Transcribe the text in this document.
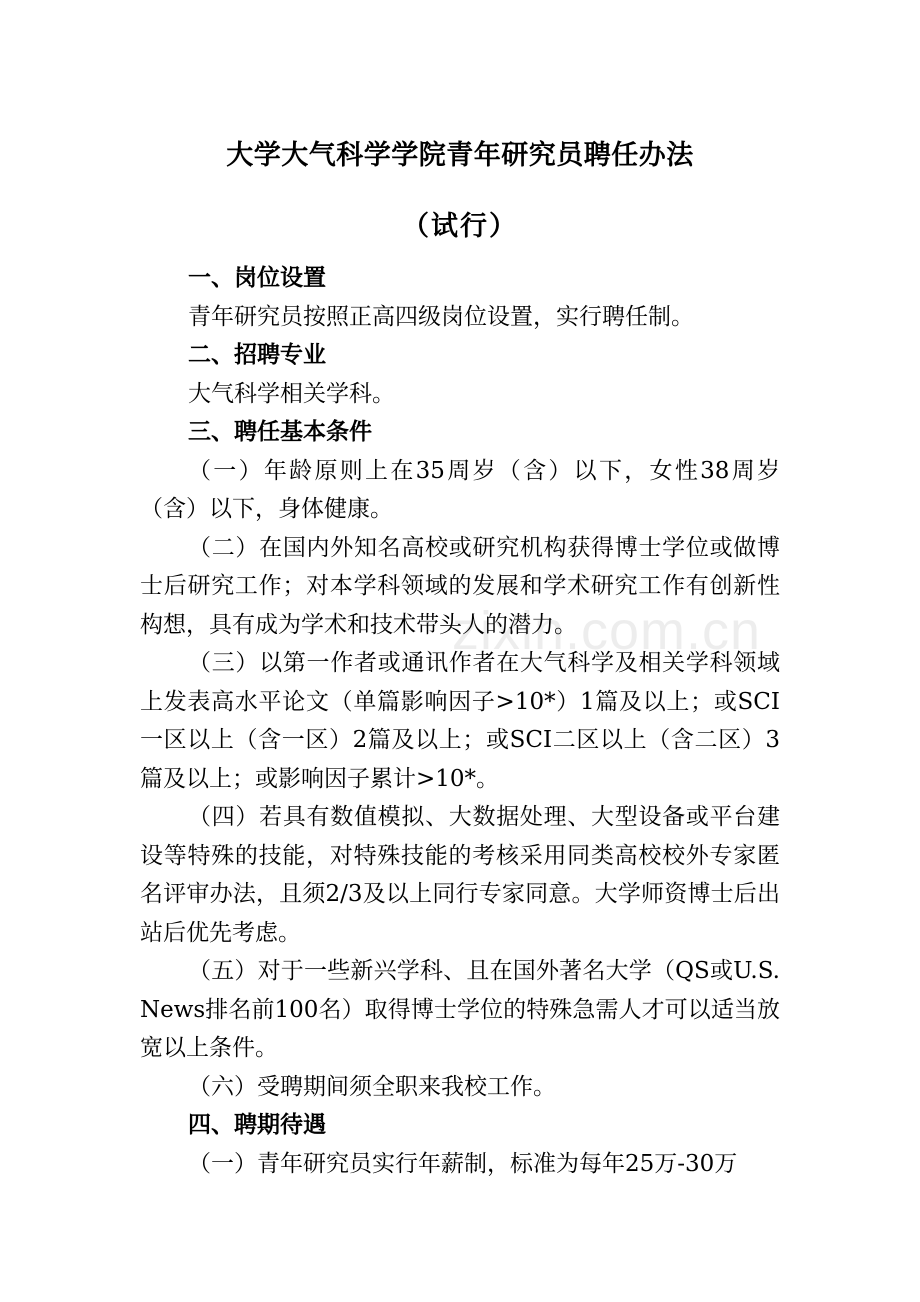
大学大气科学学院青年研究员聘任办法
（试行）
zixin.com.cn

一、岗位设置

青年研究员按照正高四级岗位设置，实行聘任制。

二、招聘专业

大气科学相关学科。

三、聘任基本条件

（一）年龄原则上在35周岁（含）以下，女性38周岁（含）以下，身体健康。

（二）在国内外知名高校或研究机构获得博士学位或做博士后研究工作；对本学科领域的发展和学术研究工作有创新性构想，具有成为学术和技术带头人的潜力。

（三）以第一作者或通讯作者在大气科学及相关学科领域上发表高水平论文（单篇影响因子>10*）1篇及以上；或SCI一区以上（含一区）2篇及以上；或SCI二区以上（含二区）3篇及以上；或影响因子累计>10*。

（四）若具有数值模拟、大数据处理、大型设备或平台建设等特殊的技能，对特殊技能的考核采用同类高校校外专家匿名评审办法，且须2/3及以上同行专家同意。大学师资博士后出站后优先考虑。

（五）对于一些新兴学科、且在国外著名大学（QS或U.S. News排名前100名）取得博士学位的特殊急需人才可以适当放宽以上条件。

（六）受聘期间须全职来我校工作。

四、聘期待遇

（一）青年研究员实行年薪制，标准为每年25万-30万
